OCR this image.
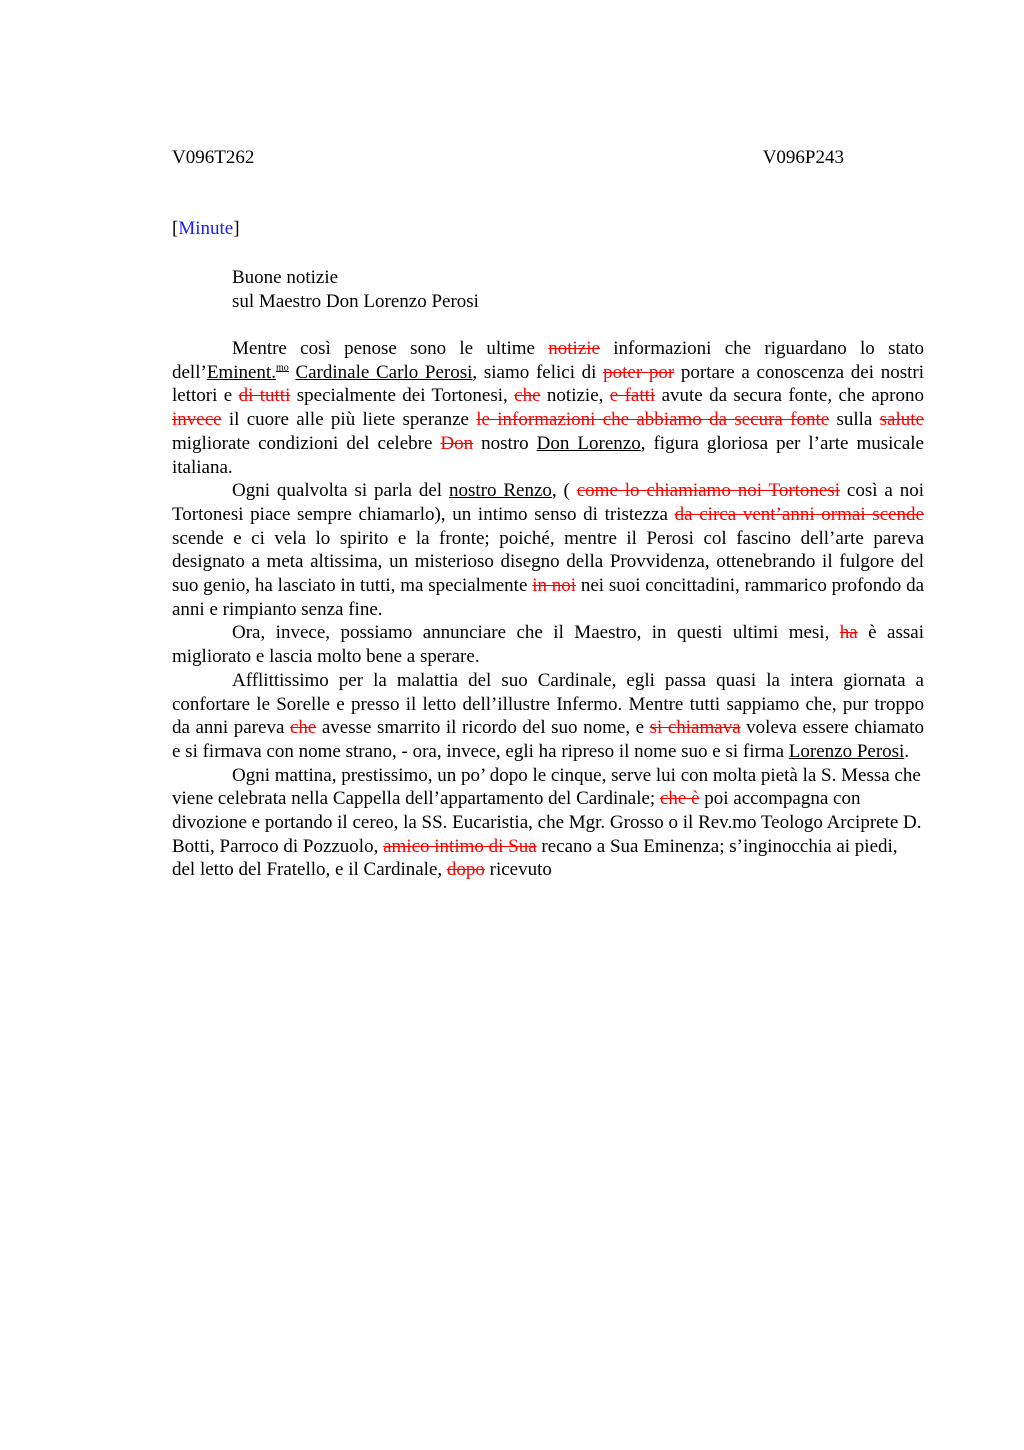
V096T262	V096P243
[Minute]
Buone notizie
sul Maestro Don Lorenzo Perosi

Mentre così penose sono le ultime notizie informazioni che riguardano lo stato dell’Eminent.$^{mo}$ Cardinale Carlo Perosi, siamo felici di poter por portare a conoscenza dei nostri lettori e di tutti specialmente dei Tortonesi, che notizie, e fatti avute da secura fonte, che aprono invece il cuore alle più liete speranze le informazioni che abbiamo da secura fonte sulla salute migliorate condizioni del celebre Don nostro Don Lorenzo, figura gloriosa per l’arte musicale italiana.

Ogni qualvolta si parla del nostro Renzo, ( come lo chiamiamo noi Tortonesi così a noi Tortonesi piace sempre chiamarlo), un intimo senso di tristezza da circa vent’anni ormai scende scende e ci vela lo spirito e la fronte; poiché, mentre il Perosi col fascino dell’arte pareva designato a meta altissima, un misterioso disegno della Provvidenza, ottenebrando il fulgore del suo genio, ha lasciato in tutti, ma specialmente in noi nei suoi concittadini, rammarico profondo da anni e rimpianto senza fine.

Ora, invece, possiamo annunciare che il Maestro, in questi ultimi mesi, ha è assai migliorato e lascia molto bene a sperare.

Afflittissimo per la malattia del suo Cardinale, egli passa quasi la intera giornata a confortare le Sorelle e presso il letto dell’illustre Infermo. Mentre tutti sappiamo che, pur troppo da anni pareva che avesse smarrito il ricordo del suo nome, e si chiamava voleva essere chiamato e si firmava con nome strano, - ora, invece, egli ha ripreso il nome suo e si firma Lorenzo Perosi.

Ogni mattina, prestissimo, un po’ dopo le cinque, serve lui con molta pietà la S. Messa che viene celebrata nella Cappella dell’appartamento del Cardinale; che è poi accompagna con divozione e portando il cereo, la SS. Eucaristia, che Mgr. Grosso o il Rev.mo Teologo Arciprete D. Botti, Parroco di Pozzuolo, amico intimo di Sua recano a Sua Eminenza; s’inginocchia ai piedi, del letto del Fratello, e il Cardinale, dopo ricevuto
